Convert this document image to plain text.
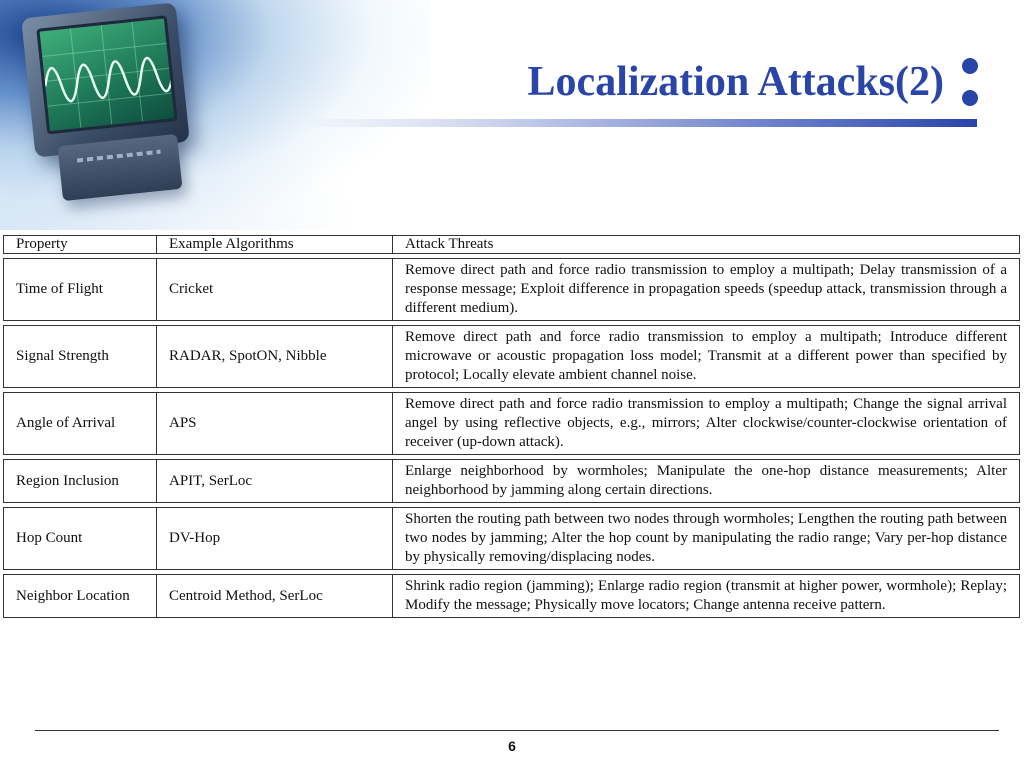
Localization Attacks(2)
Property	Example Algorithms	Attack Threats
Time of Flight	Cricket	Remove direct path and force radio transmission to employ a multipath; Delay transmission of a response message; Exploit difference in propagation speeds (speedup attack, transmission through a different medium).
Signal Strength	RADAR, SpotON, Nibble	Remove direct path and force radio transmission to employ a multipath; Introduce different microwave or acoustic propagation loss model; Transmit at a different power than specified by protocol; Locally elevate ambient channel noise.
Angle of Arrival	APS	Remove direct path and force radio transmission to employ a multipath; Change the signal arrival angel by using reflective objects, e.g., mirrors; Alter clockwise/counter-clockwise orientation of receiver (up-down attack).
Region Inclusion	APIT, SerLoc	Enlarge neighborhood by wormholes; Manipulate the one-hop distance measurements; Alter neighborhood by jamming along certain directions.
Hop Count	DV-Hop	Shorten the routing path between two nodes through wormholes; Lengthen the routing path between two nodes by jamming; Alter the hop count by manipulating the radio range; Vary per-hop distance by physically removing/displacing nodes.
Neighbor Location	Centroid Method, SerLoc	Shrink radio region (jamming); Enlarge radio region (transmit at higher power, wormhole); Replay; Modify the message; Physically move locators; Change antenna receive pattern.
6
